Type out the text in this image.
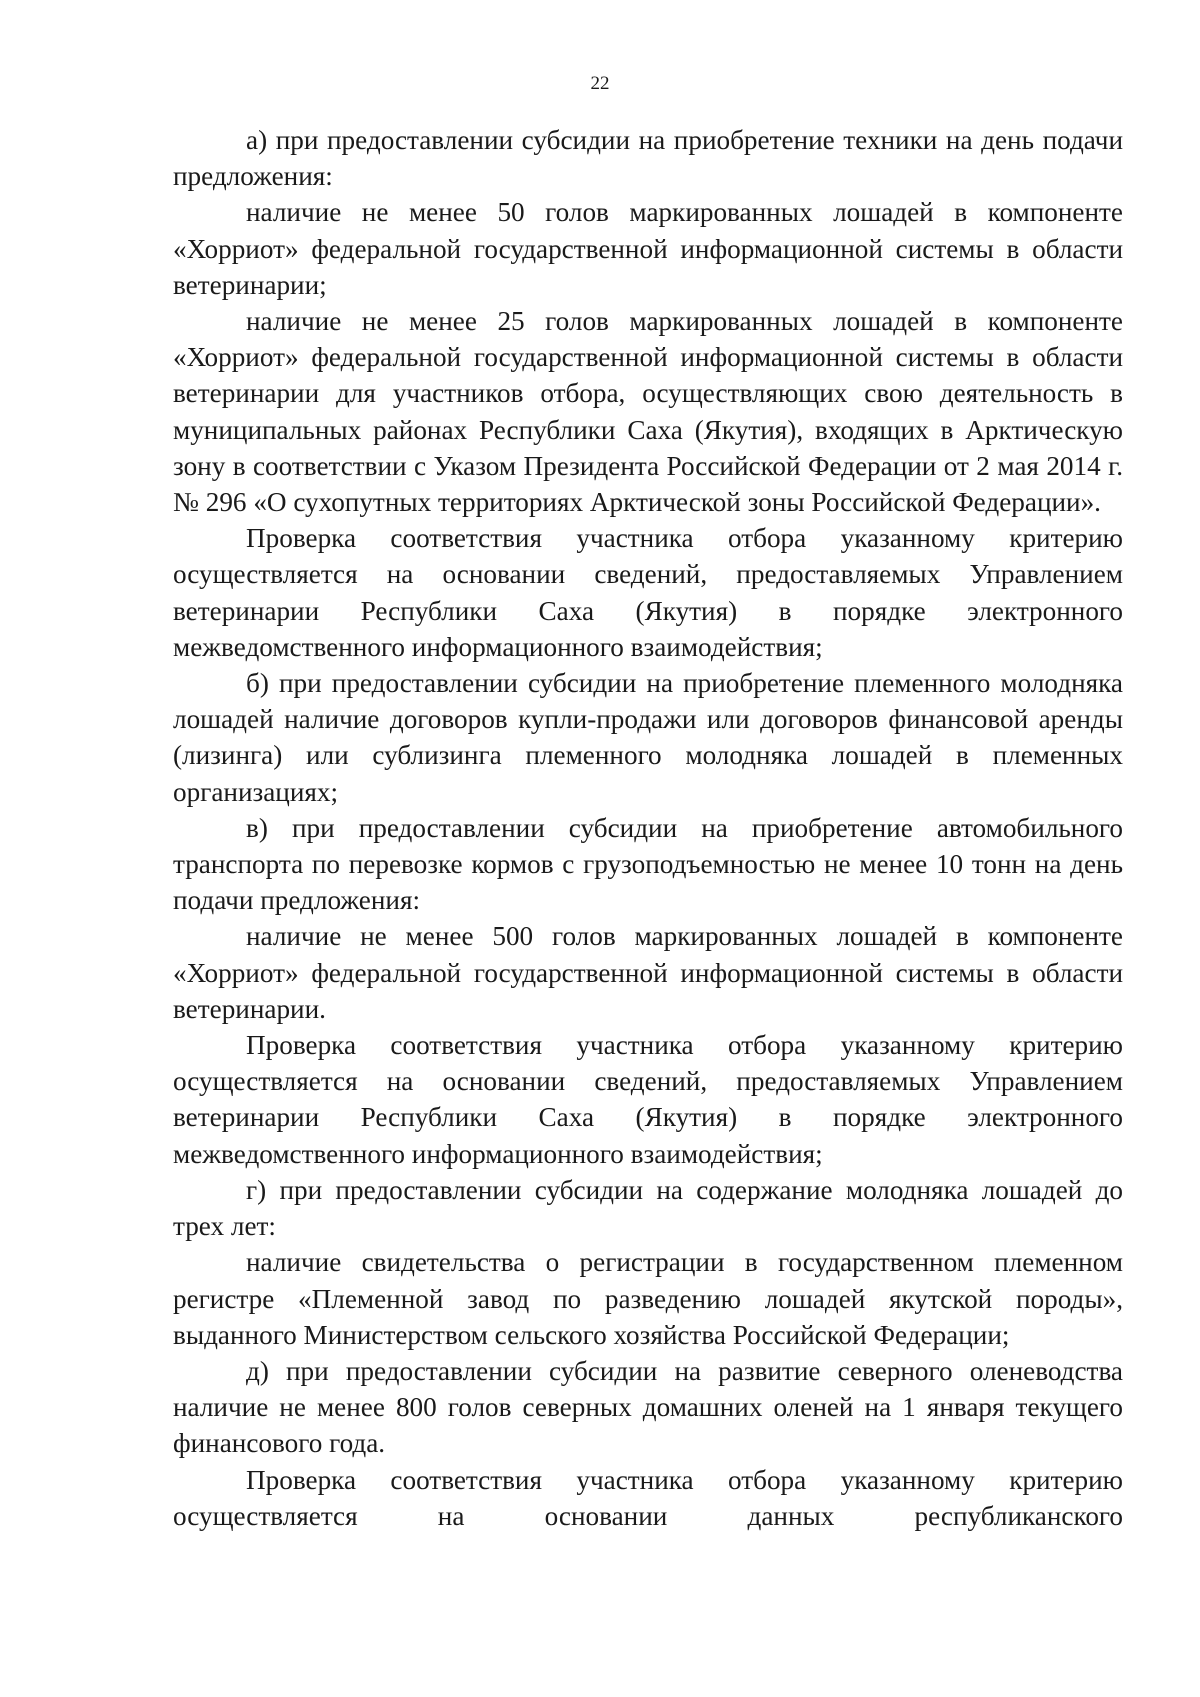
22

а) при предоставлении субсидии на приобретение техники на день подачи предложения:

наличие не менее 50 голов маркированных лошадей в компоненте «Хорриот» федеральной государственной информационной системы в области ветеринарии;

наличие не менее 25 голов маркированных лошадей в компоненте «Хорриот» федеральной государственной информационной системы в области ветеринарии для участников отбора, осуществляющих свою деятельность в муниципальных районах Республики Саха (Якутия), входящих в Арктическую зону в соответствии с Указом Президента Российской Федерации от 2 мая 2014 г. № 296 «О сухопутных территориях Арктической зоны Российской Федерации».

Проверка соответствия участника отбора указанному критерию осуществляется на основании сведений, предоставляемых Управлением ветеринарии Республики Саха (Якутия) в порядке электронного межведомственного информационного взаимодействия;

б) при предоставлении субсидии на приобретение племенного молодняка лошадей наличие договоров купли-продажи или договоров финансовой аренды (лизинга) или сублизинга племенного молодняка лошадей в племенных организациях;

в) при предоставлении субсидии на приобретение автомобильного транспорта по перевозке кормов с грузоподъемностью не менее 10 тонн на день подачи предложения:

наличие не менее 500 голов маркированных лошадей в компоненте «Хорриот» федеральной государственной информационной системы в области ветеринарии.

Проверка соответствия участника отбора указанному критерию осуществляется на основании сведений, предоставляемых Управлением ветеринарии Республики Саха (Якутия) в порядке электронного межведомственного информационного взаимодействия;

г) при предоставлении субсидии на содержание молодняка лошадей до трех лет:

наличие свидетельства о регистрации в государственном племенном регистре «Племенной завод по разведению лошадей якутской породы», выданного Министерством сельского хозяйства Российской Федерации;

д) при предоставлении субсидии на развитие северного оленеводства наличие не менее 800 голов северных домашних оленей на 1 января текущего финансового года.

Проверка соответствия участника отбора указанному критерию осуществляется на основании данных республиканского
